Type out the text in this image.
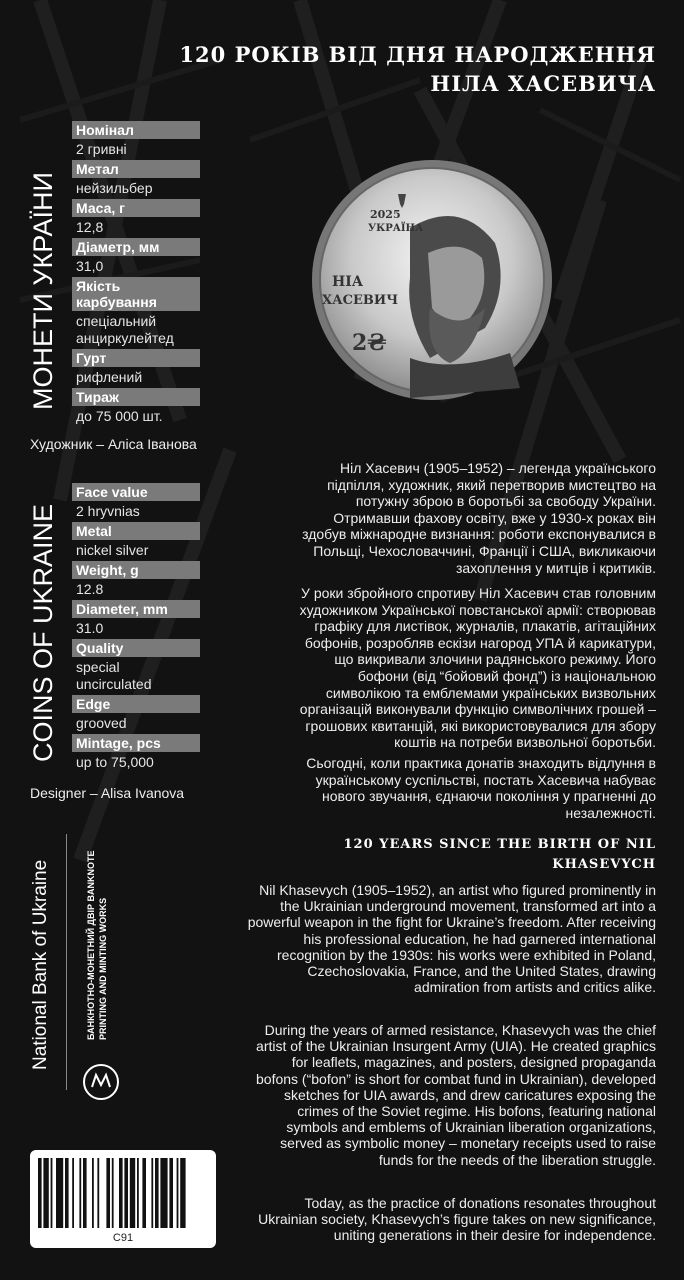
120 РОКІВ ВІД ДНЯ НАРОДЖЕННЯ НІЛА ХАСЕВИЧА
МОНЕТИ УКРАЇНИ
Номінал
2 гривні
Метал
нейзильбер
Маса, г
12,8
Діаметр, мм
31,0
Якість карбування
спеціальний анциркулейтед
Гурт
рифлений
Тираж
до 75 000 шт.
Художник – Аліса Іванова
2025
УКРАЇНА
НІА
ХАСЕВИЧ
2₴
Ніл Хасевич (1905–1952) – легенда українського підпілля, художник, який перетворив мистецтво на потужну зброю в боротьбі за свободу України. Отримавши фахову освіту, вже у 1930-х роках він здобув міжнародне визнання: роботи експонувалися в Польщі, Чехословаччині, Франції і США, викликаючи захоплення у митців і критиків.
У роки збройного спротиву Ніл Хасевич став головним художником Української повстанської армії: створював графіку для листівок, журналів, плакатів, агітаційних бофонів, розробляв ескізи нагород УПА й карикатури, що викривали злочини радянського режиму. Його бофони (від “бойовий фонд”) із національною символікою та емблемами українських визвольних організацій виконували функцію символічних грошей – грошових квитанцій, які використовувалися для збору коштів на потреби визвольної боротьби.
Сьогодні, коли практика донатів знаходить відлуння в українському суспільстві, постать Хасевича набуває нового звучання, єднаючи покоління у прагненні до незалежності.
COINS OF UKRAINE
Face value
2 hryvnias
Metal
nickel silver
Weight, g
12.8
Diameter, mm
31.0
Quality
special uncirculated
Edge
grooved
Mintage, pcs
up to 75,000
Designer – Alisa Ivanova
120 YEARS SINCE THE BIRTH OF NIL KHASEVYCH
Nil Khasevych (1905–1952), an artist who figured prominently in the Ukrainian underground movement, transformed art into a powerful weapon in the fight for Ukraine’s freedom. After receiving his professional education, he had garnered international recognition by the 1930s: his works were exhibited in Poland, Czechoslovakia, France, and the United States, drawing admiration from artists and critics alike.
During the years of armed resistance, Khasevych was the chief artist of the Ukrainian Insurgent Army (UIA). He created graphics for leaflets, magazines, and posters, designed propaganda bofons (“bofon” is short for combat fund in Ukrainian), developed sketches for UIA awards, and drew caricatures exposing the crimes of the Soviet regime. His bofons, featuring national symbols and emblems of Ukrainian liberation organizations, served as symbolic money – monetary receipts used to raise funds for the needs of the liberation struggle.
Today, as the practice of donations resonates throughout Ukrainian society, Khasevych’s figure takes on new significance, uniting generations in their desire for independence.
National Bank of Ukraine	БАНКНОТНО-МОНЕТНИЙ ДВІР BANKNOTE PRINTING AND MINTING WORKS
C91
